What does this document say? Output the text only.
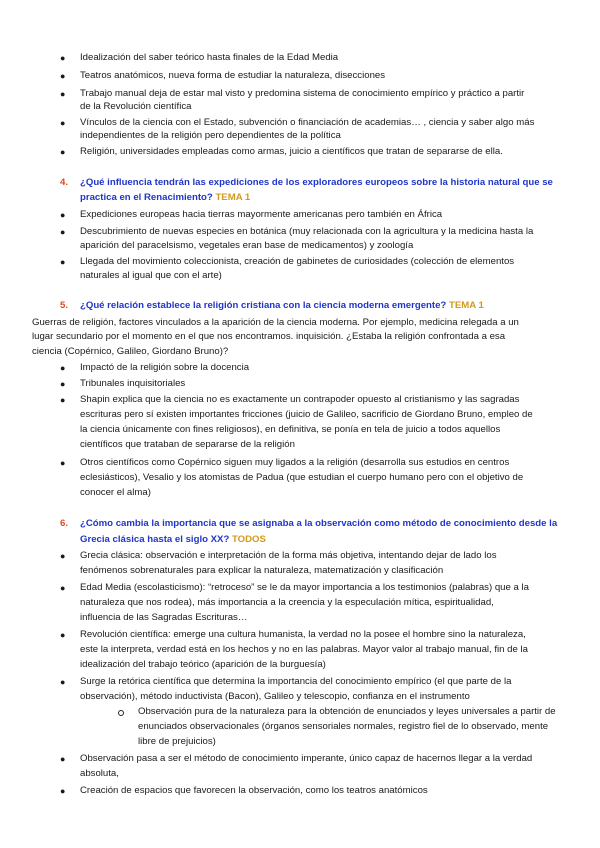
● Idealización del saber teórico hasta finales de la Edad Media
● Teatros anatómicos, nueva forma de estudiar la naturaleza, disecciones
● Trabajo manual deja de estar mal visto y predomina sistema de conocimiento empírico y práctico a partir
de la Revolución científica
● Vínculos de la ciencia con el Estado, subvención o financiación de academias… , ciencia y saber algo más
independientes de la religión pero dependientes de la política
● Religión, universidades empleadas como armas, juicio a científicos que tratan de separarse de ella.
4. ¿Qué influencia tendrán las expediciones de los exploradores europeos sobre la historia natural que se
practica en el Renacimiento? TEMA 1
● Expediciones europeas hacia tierras mayormente americanas pero también en África
● Descubrimiento de nuevas especies en botánica (muy relacionada con la agricultura y la medicina hasta la
aparición del paracelsismo, vegetales eran base de medicamentos) y zoología
● Llegada del movimiento coleccionista, creación de gabinetes de curiosidades (colección de elementos
naturales al igual que con el arte)
5. ¿Qué relación establece la religión cristiana con la ciencia moderna emergente? TEMA 1
Guerras de religión, factores vinculados a la aparición de la ciencia moderna. Por ejemplo, medicina relegada a un
lugar secundario por el momento en el que nos encontramos. inquisición. ¿Estaba la religión confrontada a esa
ciencia (Copérnico, Galileo, Giordano Bruno)?
● Impactó de la religión sobre la docencia
● Tribunales inquisitoriales
● Shapin explica que la ciencia no es exactamente un contrapoder opuesto al cristianismo y las sagradas
escrituras pero sí existen importantes fricciones (juicio de Galileo, sacrificio de Giordano Bruno, empleo de
la ciencia únicamente con fines religiosos), en definitiva, se ponía en tela de juicio a todos aquellos
científicos que trataban de separarse de la religión
● Otros científicos como Copérnico siguen muy ligados a la religión (desarrolla sus estudios en centros
eclesiásticos), Vesalio y los atomistas de Padua (que estudian el cuerpo humano pero con el objetivo de
conocer el alma)
6. ¿Cómo cambia la importancia que se asignaba a la observación como método de conocimiento desde la
Grecia clásica hasta el siglo XX? TODOS
● Grecia clásica: observación e interpretación de la forma más objetiva, intentando dejar de lado los
fenómenos sobrenaturales para explicar la naturaleza, matematización y clasificación
● Edad Media (escolasticismo): “retroceso” se le da mayor importancia a los testimonios (palabras) que a la
naturaleza que nos rodea), más importancia a la creencia y la especulación mítica, espiritualidad,
influencia de las Sagradas Escrituras…
● Revolución científica: emerge una cultura humanista, la verdad no la posee el hombre sino la naturaleza,
este la interpreta, verdad está en los hechos y no en las palabras. Mayor valor al trabajo manual, fin de la
idealización del trabajo teórico (aparición de la burguesía)
● Surge la retórica científica que determina la importancia del conocimiento empírico (el que parte de la
observación), método inductivista (Bacon), Galileo y telescopio, confianza en el instrumento
Observación pura de la naturaleza para la obtención de enunciados y leyes universales a partir de
enunciados observacionales (órganos sensoriales normales, registro fiel de lo observado, mente
libre de prejuicios)
● Observación pasa a ser el método de conocimiento imperante, único capaz de hacernos llegar a la verdad
absoluta,
● Creación de espacios que favorecen la observación, como los teatros anatómicos
